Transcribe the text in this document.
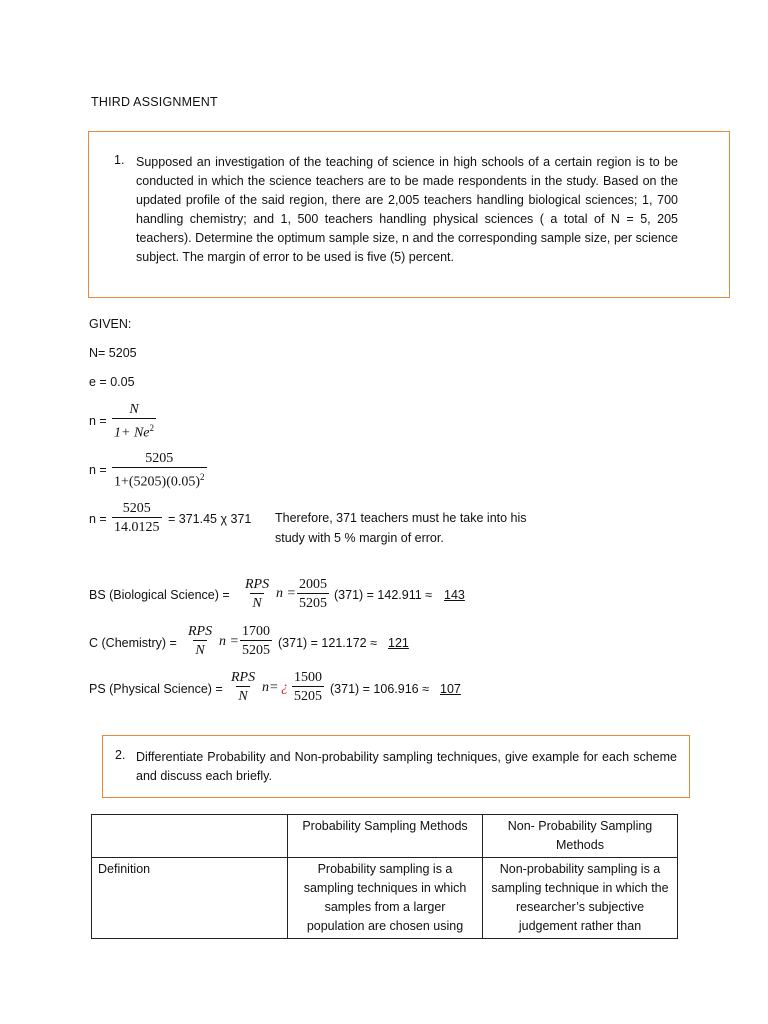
THIRD ASSIGNMENT
1. Supposed an investigation of the teaching of science in high schools of a certain region is to be conducted in which the science teachers are to be made respondents in the study. Based on the updated profile of the said region, there are 2,005 teachers handling biological sciences; 1, 700 handling chemistry; and 1, 500 teachers handling physical sciences ( a total of N = 5, 205 teachers). Determine the optimum sample size, n and the corresponding sample size, per science subject. The margin of error to be used is five (5) percent.
GIVEN:
N= 5205
e = 0.05
$n = \frac{N}{1+ Ne^2}$
$n = \frac{5205}{1+(5205)(0.05)^2}$
$n = \frac{5205}{14.0125} = 371.45$ χ 371 Therefore, 371 teachers must he take into his
study with 5 % margin of error.
BS (Biological Science) =
RPS
N
$n = \frac{2005}{5205} (371) = 142.911 \approx 143$
C (Chemistry) =
RPS
N
$n = \frac{1700}{5205} (371) = 121.172 \approx 121$
PS (Physical Science) =
RPS
N
n= ¿ $\frac{1500}{5205} (371) = 106.916 \approx 107$
2. Differentiate Probability and Non-probability sampling techniques, give example for each scheme and discuss each briefly.
	Probability Sampling Methods	Non- Probability Sampling Methods

Definition	Probability sampling is a sampling techniques in which samples from a larger population are chosen using	Non-probability sampling is a sampling technique in which the researcher’s subjective judgement rather than
